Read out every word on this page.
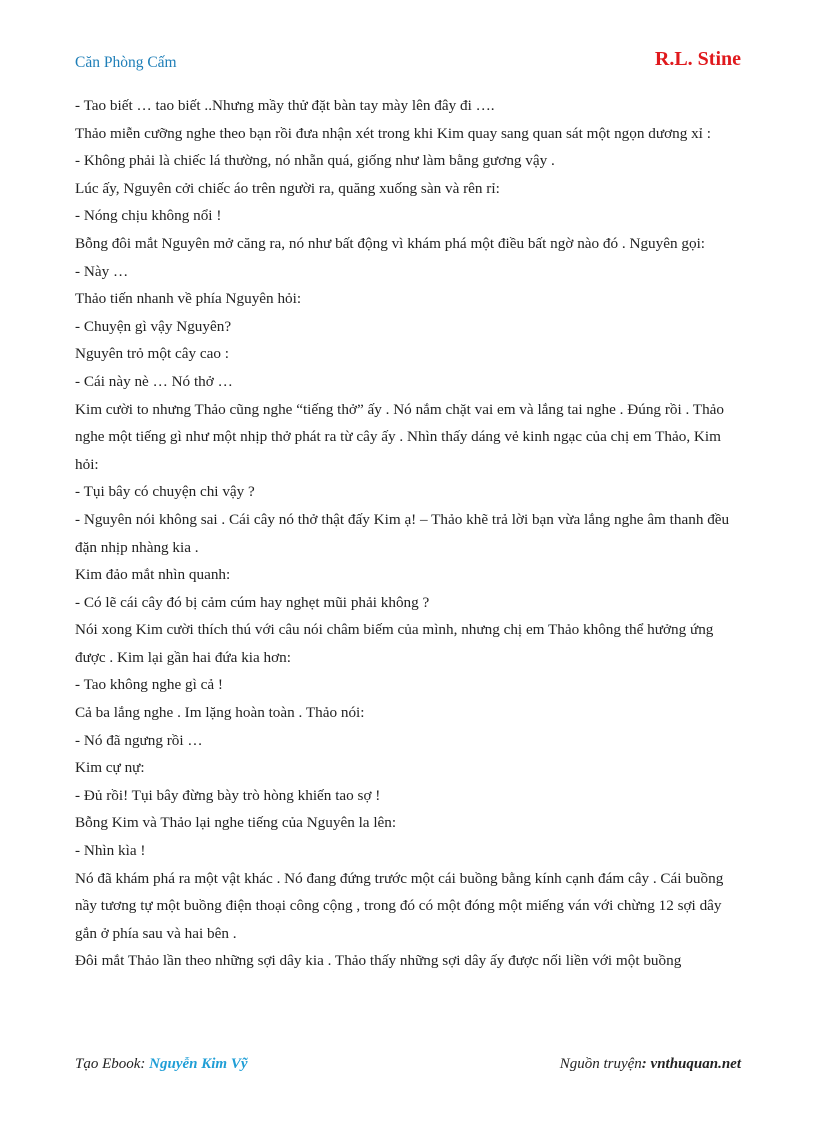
Căn Phòng Cấm	R.L. Stine

- Tao biết … tao biết ..Nhưng mầy thử đặt bàn tay mày lên đây đi ….

Thảo miễn cưỡng nghe theo bạn rồi đưa nhận xét trong khi Kim quay sang quan sát một ngọn dương xỉ :

- Không phải là chiếc lá thường, nó nhẵn quá, giống như làm bằng gương vậy .

Lúc ấy, Nguyên cởi chiếc áo trên người ra, quăng xuống sàn và rên rỉ:

- Nóng chịu không nổi !

Bỗng đôi mắt Nguyên mở căng ra, nó như bất động vì khám phá một điều bất ngờ nào đó . Nguyên gọi:

- Này …

Thảo tiến nhanh về phía Nguyên hỏi:

- Chuyện gì vậy Nguyên?

Nguyên trỏ một cây cao :

- Cái này nè … Nó thở …

Kim cười to nhưng Thảo cũng nghe “tiếng thở” ấy . Nó nắm chặt vai em và lắng tai nghe . Đúng rồi . Thảo nghe một tiếng gì như một nhịp thở phát ra từ cây ấy . Nhìn thấy dáng vẻ kinh ngạc của chị em Thảo, Kim hỏi:

- Tụi bây có chuyện chi vậy ?

- Nguyên nói không sai . Cái cây nó thở thật đấy Kim ạ! – Thảo khẽ trả lời bạn vừa lắng nghe âm thanh đều đặn nhịp nhàng kia .

Kim đảo mắt nhìn quanh:

- Có lẽ cái cây đó bị cảm cúm hay nghẹt mũi phải không ?

Nói xong Kim cười thích thú với câu nói châm biếm của mình, nhưng chị em Thảo không thể hưởng ứng được . Kim lại gần hai đứa kia hơn:

- Tao không nghe gì cả !

Cả ba lắng nghe . Im lặng hoàn toàn . Thảo nói:

- Nó đã ngưng rồi …

Kim cự nự:

- Đủ rồi! Tụi bây đừng bày trò hòng khiến tao sợ !

Bỗng Kim và Thảo lại nghe tiếng của Nguyên la lên:

- Nhìn kìa !

Nó đã khám phá ra một vật khác . Nó đang đứng trước một cái buồng bằng kính cạnh đám cây . Cái buồng nầy tương tự một buồng điện thoại công cộng , trong đó có một đóng một miếng ván với chừng 12 sợi dây gắn ở phía sau và hai bên .

Đôi mắt Thảo lần theo những sợi dây kia . Thảo thấy những sợi dây ấy được nối liền với một buồng

Tạo Ebook: Nguyễn Kim Vỹ	Nguồn truyện: vnthuquan.net
